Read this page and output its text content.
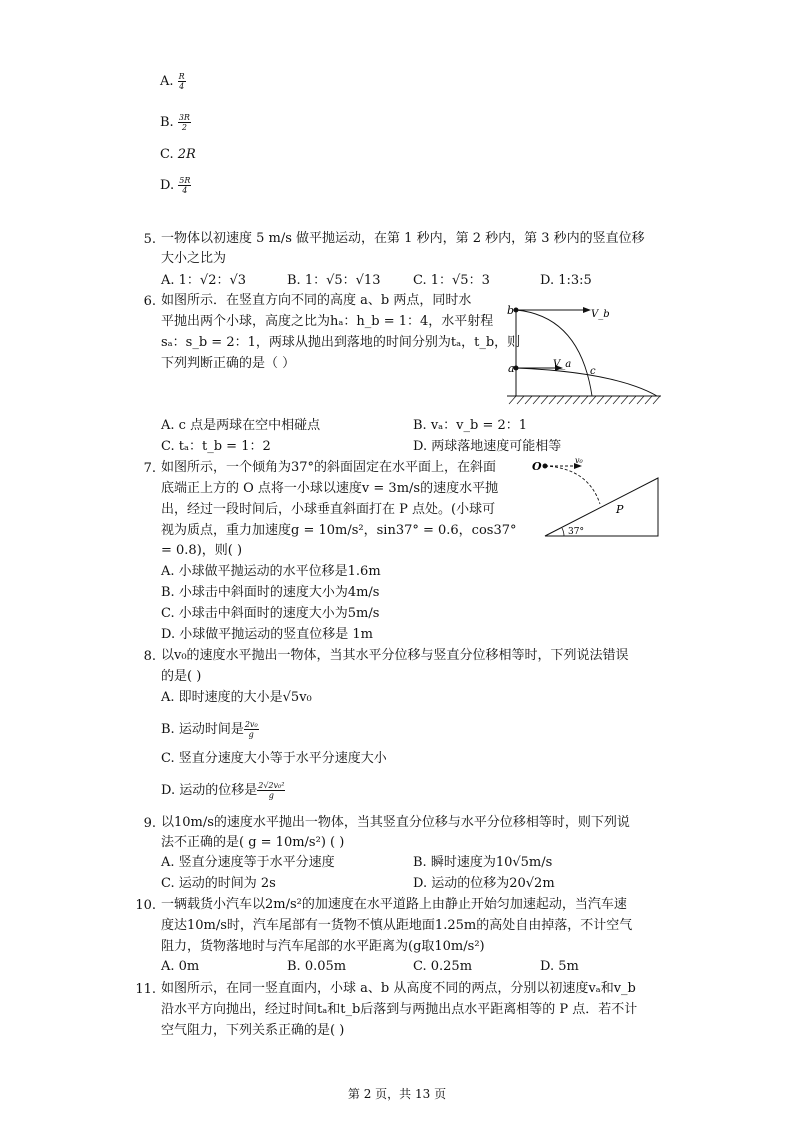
A. $\frac{R}{4}$
B. $\frac{3R}{2}$
C. 2R
D. $\frac{5R}{4}$
5. 一物体以初速度 5 m/s 做平抛运动，在第 1 秒内，第 2 秒内，第 3 秒内的竖直位移
大小之比为
A. 1：√2：√3	B. 1：√5：√13	C. 1：√5：3	D. 1:3:5
6. 如图所示．在竖直方向不同的高度 a、b 两点，同时水
平抛出两个小球，高度之比为hₐ：h_b = 1：4，水平射程
sₐ：s_b = 2：1，两球从抛出到落地的时间分别为tₐ，t_b，则
下列判断正确的是（ ）
b
a
V_b
V_a
c
A. c 点是两球在空中相碰点	B. vₐ：v_b = 2：1
C. tₐ：t_b = 1：2	D. 两球落地速度可能相等
7. 如图所示，一个倾角为37°的斜面固定在水平面上，在斜面
底端正上方的 O 点将一小球以速度v = 3m/s的速度水平抛
出，经过一段时间后，小球垂直斜面打在 P 点处。(小球可
视为质点，重力加速度g = 10m/s²，sin37° = 0.6，cos37°
= 0.8)，则( )
O	v₀
P
37°
A. 小球做平抛运动的水平位移是1.6m
B. 小球击中斜面时的速度大小为4m/s
C. 小球击中斜面时的速度大小为5m/s
D. 小球做平抛运动的竖直位移是 1m
8. 以v₀的速度水平抛出一物体，当其水平分位移与竖直分位移相等时，下列说法错误
的是( )
A. 即时速度的大小是√5v₀
B. 运动时间是 $\frac{\text{2v₀}}{g}$
C. 竖直分速度大小等于水平分速度大小
D. 运动的位移是 $\frac{\text{2√2v₀²}}{g}$
9. 以10m/s的速度水平抛出一物体，当其竖直分位移与水平分位移相等时，则下列说
法不正确的是( g = 10m/s²) ( )
A. 竖直分速度等于水平分速度	B. 瞬时速度为10√5m/s
C. 运动的时间为 2s	D. 运动的位移为20√2m
10. 一辆载货小汽车以2m/s²的加速度在水平道路上由静止开始匀加速起动，当汽车速
度达10m/s时，汽车尾部有一货物不慎从距地面1.25m的高处自由掉落，不计空气
阻力，货物落地时与汽车尾部的水平距离为(g取10m/s²)
A. 0m	B. 0.05m	C. 0.25m	D. 5m
11. 如图所示，在同一竖直面内，小球 a、b 从高度不同的两点，分别以初速度vₐ和v_b
沿水平方向抛出，经过时间tₐ和t_b后落到与两抛出点水平距离相等的 P 点．若不计
空气阻力，下列关系正确的是( )
第 2 页，共 13 页
